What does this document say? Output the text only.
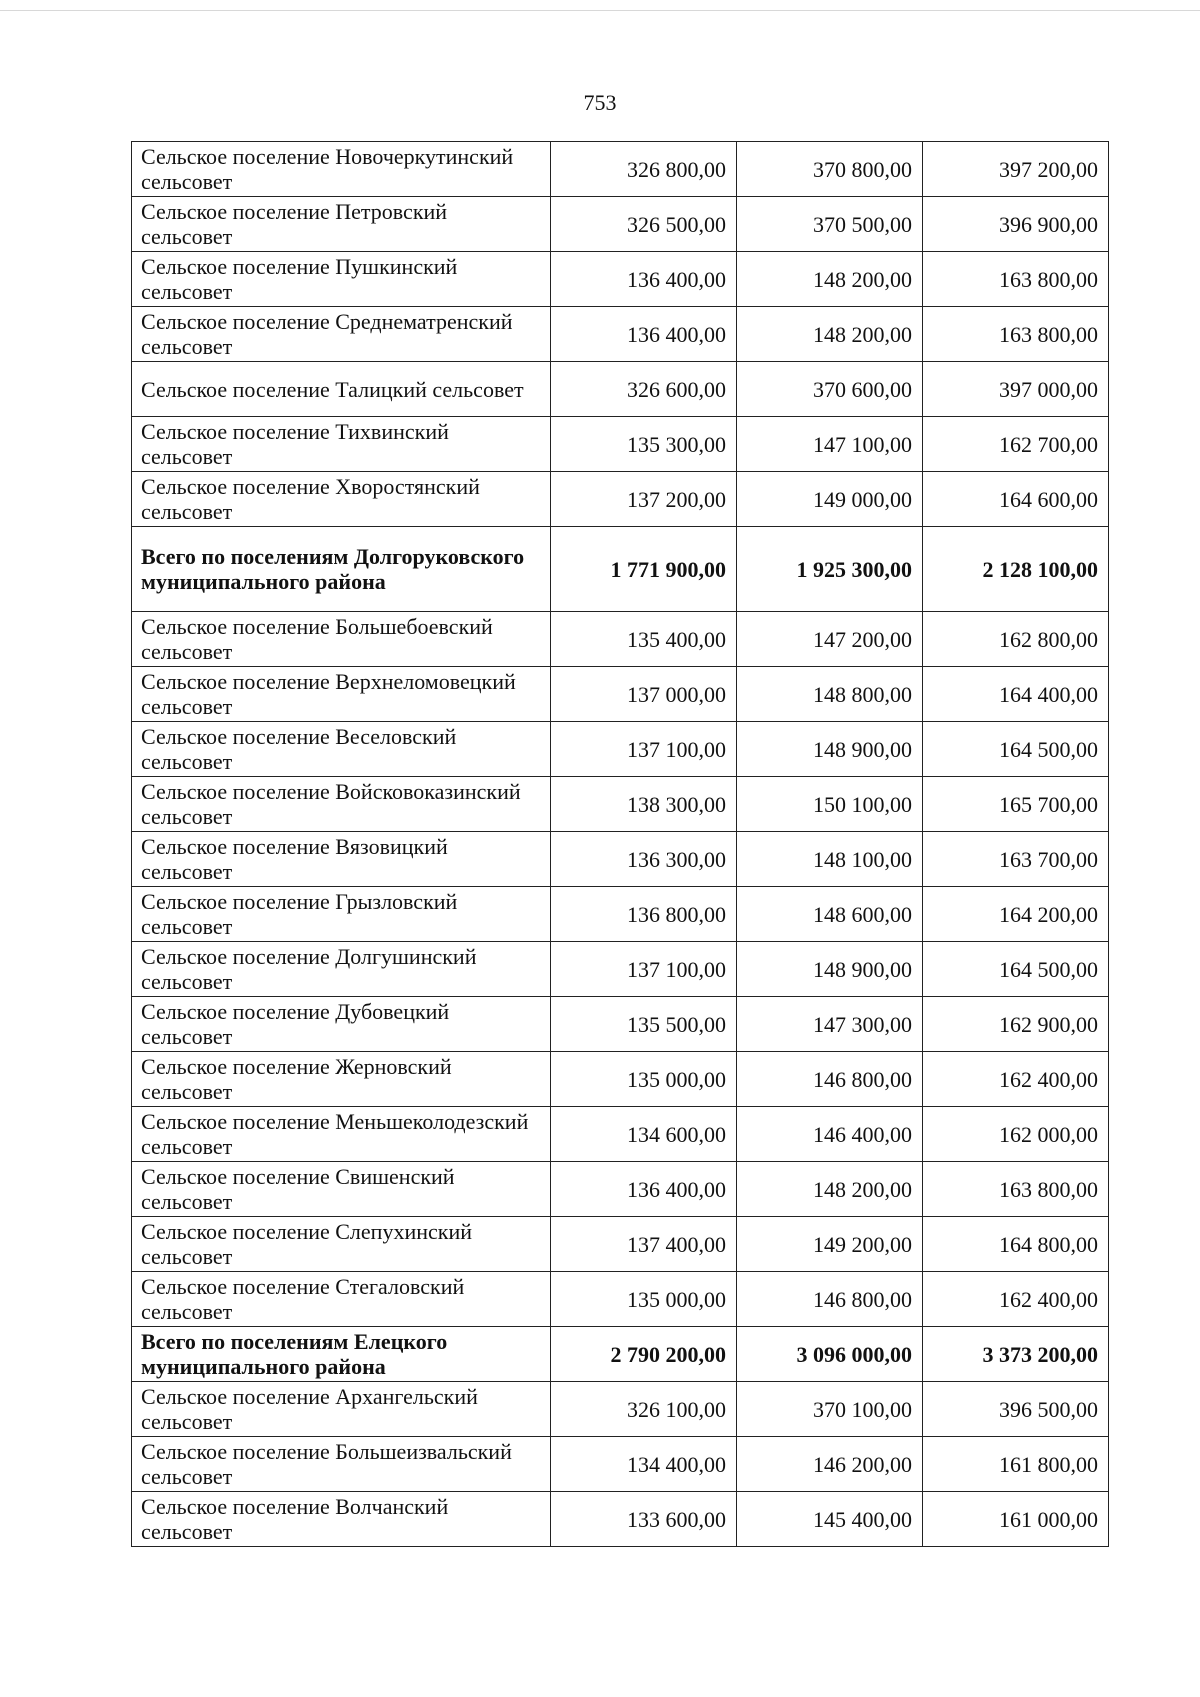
753
Сельское поселение Новочеркутинский сельсовет	326 800,00	370 800,00	397 200,00
Сельское поселение Петровский сельсовет	326 500,00	370 500,00	396 900,00
Сельское поселение Пушкинский сельсовет	136 400,00	148 200,00	163 800,00
Сельское поселение Среднематренский сельсовет	136 400,00	148 200,00	163 800,00
Сельское поселение Талицкий сельсовет	326 600,00	370 600,00	397 000,00
Сельское поселение Тихвинский сельсовет	135 300,00	147 100,00	162 700,00
Сельское поселение Хворостянский сельсовет	137 200,00	149 000,00	164 600,00
Всего по поселениям Долгоруковского муниципального района	1 771 900,00	1 925 300,00	2 128 100,00
Сельское поселение Большебоевский сельсовет	135 400,00	147 200,00	162 800,00
Сельское поселение Верхнеломовецкий сельсовет	137 000,00	148 800,00	164 400,00
Сельское поселение Веселовский сельсовет	137 100,00	148 900,00	164 500,00
Сельское поселение Войсковоказинский сельсовет	138 300,00	150 100,00	165 700,00
Сельское поселение Вязовицкий сельсовет	136 300,00	148 100,00	163 700,00
Сельское поселение Грызловский сельсовет	136 800,00	148 600,00	164 200,00
Сельское поселение Долгушинский сельсовет	137 100,00	148 900,00	164 500,00
Сельское поселение Дубовецкий сельсовет	135 500,00	147 300,00	162 900,00
Сельское поселение Жерновский сельсовет	135 000,00	146 800,00	162 400,00
Сельское поселение Меньшеколодезский сельсовет	134 600,00	146 400,00	162 000,00
Сельское поселение Свишенский сельсовет	136 400,00	148 200,00	163 800,00
Сельское поселение Слепухинский сельсовет	137 400,00	149 200,00	164 800,00
Сельское поселение Стегаловский сельсовет	135 000,00	146 800,00	162 400,00
Всего по поселениям Елецкого муниципального района	2 790 200,00	3 096 000,00	3 373 200,00
Сельское поселение Архангельский сельсовет	326 100,00	370 100,00	396 500,00
Сельское поселение Большеизвальский сельсовет	134 400,00	146 200,00	161 800,00
Сельское поселение Волчанский сельсовет	133 600,00	145 400,00	161 000,00
